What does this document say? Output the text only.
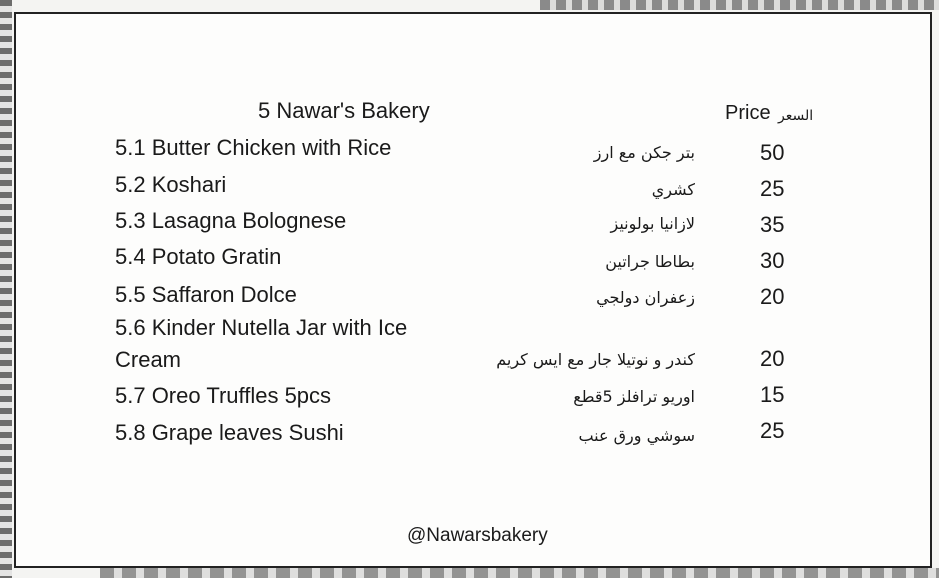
5 Nawar's Bakery	Price السعر
5.1 Butter Chicken with Rice	بتر جكن مع ارز	50
5.2 Koshari	كشري	25
5.3 Lasagna Bolognese	لازانيا بولونيز	35
5.4 Potato Gratin	بطاطا جراتين	30
5.5 Saffaron Dolce	زعفران دولجي	20
5.6 Kinder Nutella Jar with Ice
Cream	كندر و نوتيلا جار مع ايس كريم	20
5.7 Oreo Truffles 5pcs	اوريو ترافلز 5قطع	15
5.8 Grape leaves Sushi	سوشي ورق عنب	25
@Nawarsbakery
